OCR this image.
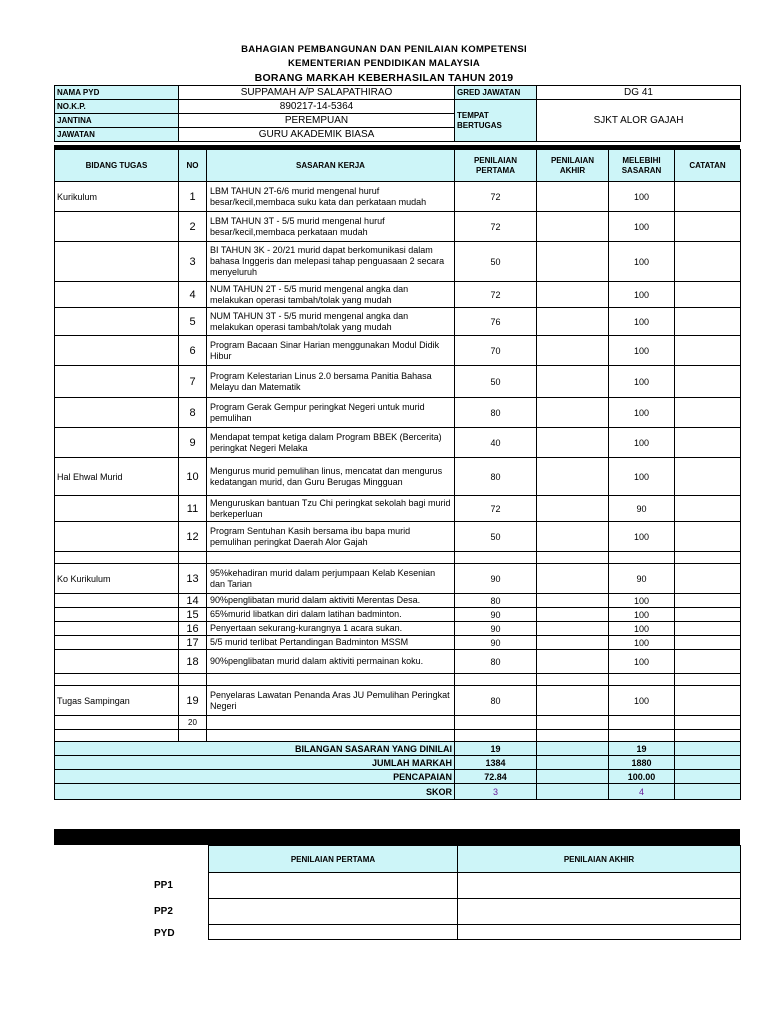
BAHAGIAN PEMBANGUNAN DAN PENILAIAN KOMPETENSI
KEMENTERIAN PENDIDIKAN MALAYSIA
BORANG MARKAH KEBERHASILAN TAHUN 2019
NAMA PYD	SUPPAMAH A/P SALAPATHIRAO	GRED JAWATAN	DG 41
NO.K.P.	890217-14-5364	TEMPAT BERTUGAS	SJKT ALOR GAJAH
JANTINA	PEREMPUAN		
JAWATAN	GURU AKADEMIK BIASA		
BIDANG TUGAS	NO	SASARAN KERJA	PENILAIAN PERTAMA	PENILAIAN AKHIR	MELEBIHI SASARAN	CATATAN
Kurikulum	1	LBM TAHUN 2T-6/6 murid mengenal huruf besar/kecil,membaca suku kata dan perkataan mudah	72		100	
	2	LBM TAHUN 3T - 5/5 murid mengenal huruf besar/kecil,membaca perkataan mudah	72		100	
	3	BI TAHUN 3K - 20/21 murid dapat berkomunikasi dalam bahasa Inggeris dan melepasi tahap penguasaan 2 secara menyeluruh	50		100	
	4	NUM TAHUN 2T - 5/5 murid mengenal angka dan melakukan operasi tambah/tolak yang mudah	72		100	
	5	NUM TAHUN 3T - 5/5 murid mengenal angka dan melakukan operasi tambah/tolak yang mudah	76		100	
	6	Program Bacaan Sinar Harian menggunakan Modul Didik Hibur	70		100	
	7	Program Kelestarian Linus 2.0 bersama Panitia Bahasa Melayu dan Matematik	50		100	
	8	Program Gerak Gempur peringkat Negeri untuk murid pemulihan	80		100	
	9	Mendapat tempat ketiga dalam Program BBEK (Bercerita) peringkat Negeri Melaka	40		100	
Hal Ehwal Murid	10	Mengurus murid pemulihan linus, mencatat dan mengurus kedatangan murid, dan Guru Berugas Mingguan	80		100	
	11	Menguruskan bantuan Tzu Chi peringkat sekolah bagi murid berkeperluan	72		90	
	12	Program Sentuhan Kasih bersama ibu bapa murid pemulihan peringkat Daerah Alor Gajah	50		100	

Ko Kurikulum	13	95%kehadiran murid dalam perjumpaan Kelab Kesenian dan Tarian	90		90	
	14	90%penglibatan murid dalam aktiviti Merentas Desa.	80		100	
	15	65%murid libatkan diri dalam latihan badminton.	90		100	
	16	Penyertaan sekurang-kurangnya 1 acara sukan.	90		100	
	17	5/5 murid terlibat Pertandingan Badminton MSSM	90		100	
	18	90%penglibatan murid dalam aktiviti permainan koku.	80		100	

Tugas Sampingan	19	Penyelaras Lawatan Penanda Aras JU Pemulihan Peringkat Negeri	80		100	
	20					

BILANGAN SASARAN YANG DINILAI			19		19	
JUMLAH MARKAH			1384		1880	
PENCAPAIAN			72.84		100.00	
SKOR			3		4	
PENILAIAN PERTAMA	PENILAIAN AKHIR

PP1
PP2
PYD
